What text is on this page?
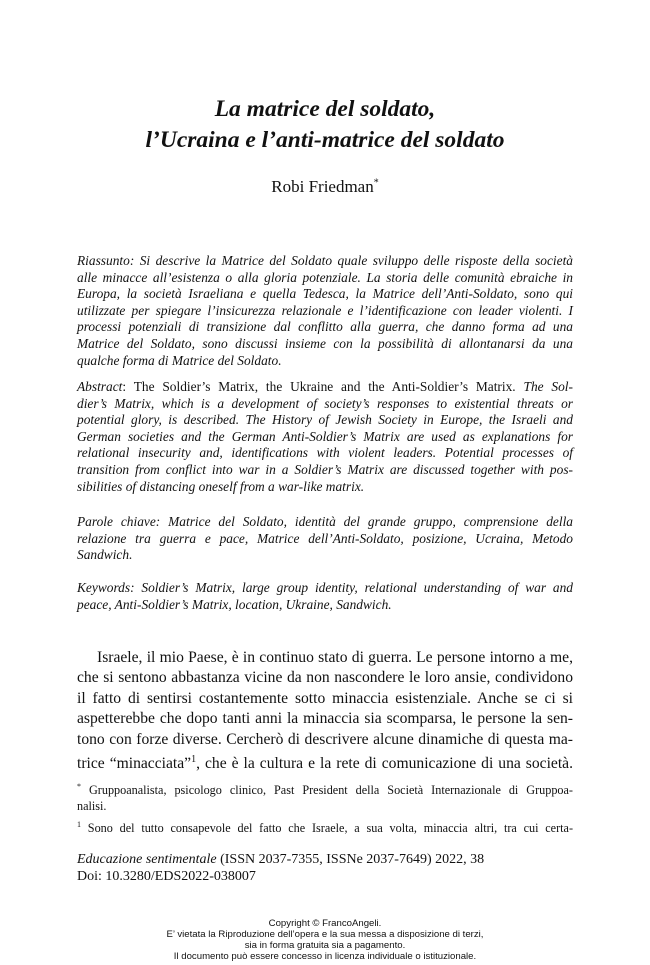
La matrice del soldato,
l’Ucraina e l’anti-matrice del soldato
Robi Friedman*
Riassunto: Si descrive la Matrice del Soldato quale sviluppo delle risposte della società
alle minacce all’esistenza o alla gloria potenziale. La storia delle comunità ebraiche in
Europa, la società Israeliana e quella Tedesca, la Matrice dell’Anti-Soldato, sono qui
utilizzate per spiegare l’insicurezza relazionale e l’identificazione con leader violenti. I
processi potenziali di transizione dal conflitto alla guerra, che danno forma ad una
Matrice del Soldato, sono discussi insieme con la possibilità di allontanarsi da una
qualche forma di Matrice del Soldato.
Abstract: The Soldier’s Matrix, the Ukraine and the Anti-Soldier’s Matrix. The Sol-
dier’s Matrix, which is a development of society’s responses to existential threats or
potential glory, is described. The History of Jewish Society in Europe, the Israeli and
German societies and the German Anti-Soldier’s Matrix are used as explanations for
relational insecurity and, identifications with violent leaders. Potential processes of
transition from conflict into war in a Soldier’s Matrix are discussed together with pos-
sibilities of distancing oneself from a war-like matrix.
Parole chiave: Matrice del Soldato, identità del grande gruppo, comprensione della
relazione tra guerra e pace, Matrice dell’Anti-Soldato, posizione, Ucraina, Metodo
Sandwich.
Keywords: Soldier’s Matrix, large group identity, relational understanding of war and
peace, Anti-Soldier’s Matrix, location, Ukraine, Sandwich.
Israele, il mio Paese, è in continuo stato di guerra. Le persone intorno a me,
che si sentono abbastanza vicine da non nascondere le loro ansie, condividono
il fatto di sentirsi costantemente sotto minaccia esistenziale. Anche se ci si
aspetterebbe che dopo tanti anni la minaccia sia scomparsa, le persone la sen-
tono con forze diverse. Cercherò di descrivere alcune dinamiche di questa ma-
trice “minacciata”$^1$, che è la cultura e la rete di comunicazione di una società.
* Gruppoanalista, psicologo clinico, Past President della Società Internazionale di Gruppoa-
nalisi.
$^1$ Sono del tutto consapevole del fatto che Israele, a sua volta, minaccia altri, tra cui certa-
Educazione sentimentale (ISSN 2037-7355, ISSNe 2037-7649) 2022, 38
Doi: 10.3280/EDS2022-038007
Copyright © FrancoAngeli.
E’ vietata la Riproduzione dell’opera e la sua messa a disposizione di terzi,
sia in forma gratuita sia a pagamento.
Il documento può essere concesso in licenza individuale o istituzionale.
